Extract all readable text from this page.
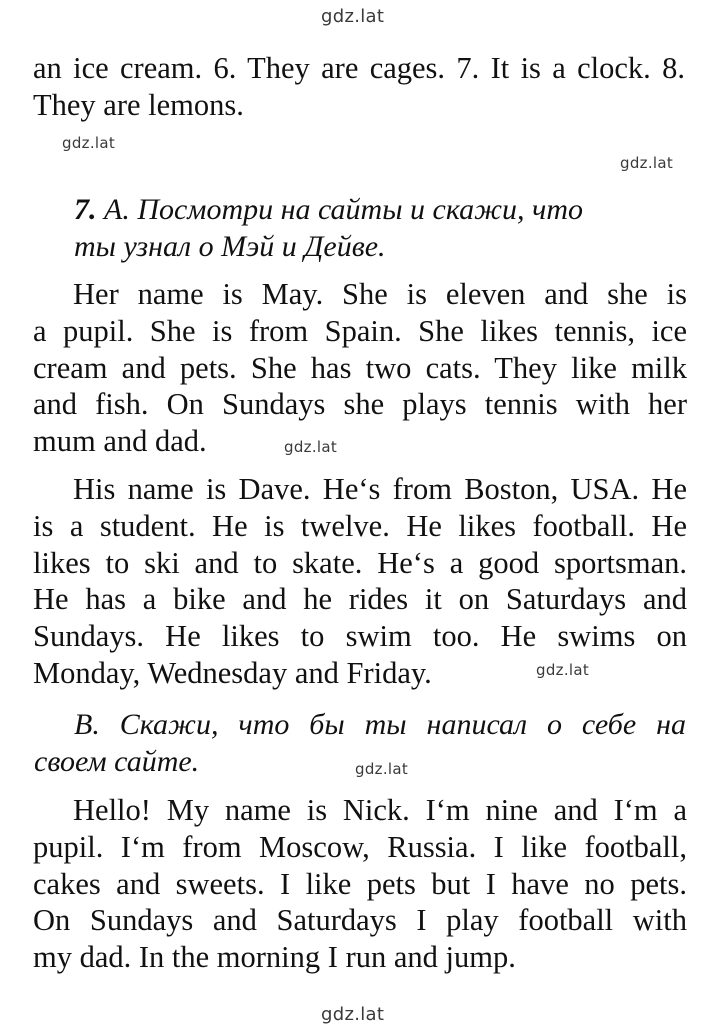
gdz.lat
gdz.lat
gdz.lat
gdz.lat
gdz.lat
gdz.lat
gdz.lat
an ice cream. 6. They are cages. 7. It is a clock. 8.
They are lemons.
7. А. Посмотри на сайты и скажи, что
ты узнал о Мэй и Дейве.
Her name is May. She is eleven and she is
a pupil. She is from Spain. She likes tennis, ice
cream and pets. She has two cats. They like milk
and fish. On Sundays she plays tennis with her
mum and dad.
His name is Dave. He‘s from Boston, USA. He
is a student. He is twelve. He likes football. He
likes to ski and to skate. He‘s a good sportsman.
He has a bike and he rides it on Saturdays and
Sundays. He likes to swim too. He swims on
Monday, Wednesday and Friday.
B. Скажи, что бы ты написал о себе на
своем сайте.
Hello! My name is Nick. I‘m nine and I‘m a
pupil. I‘m from Moscow, Russia. I like football,
cakes and sweets. I like pets but I have no pets.
On Sundays and Saturdays I play football with
my dad. In the morning I run and jump.
